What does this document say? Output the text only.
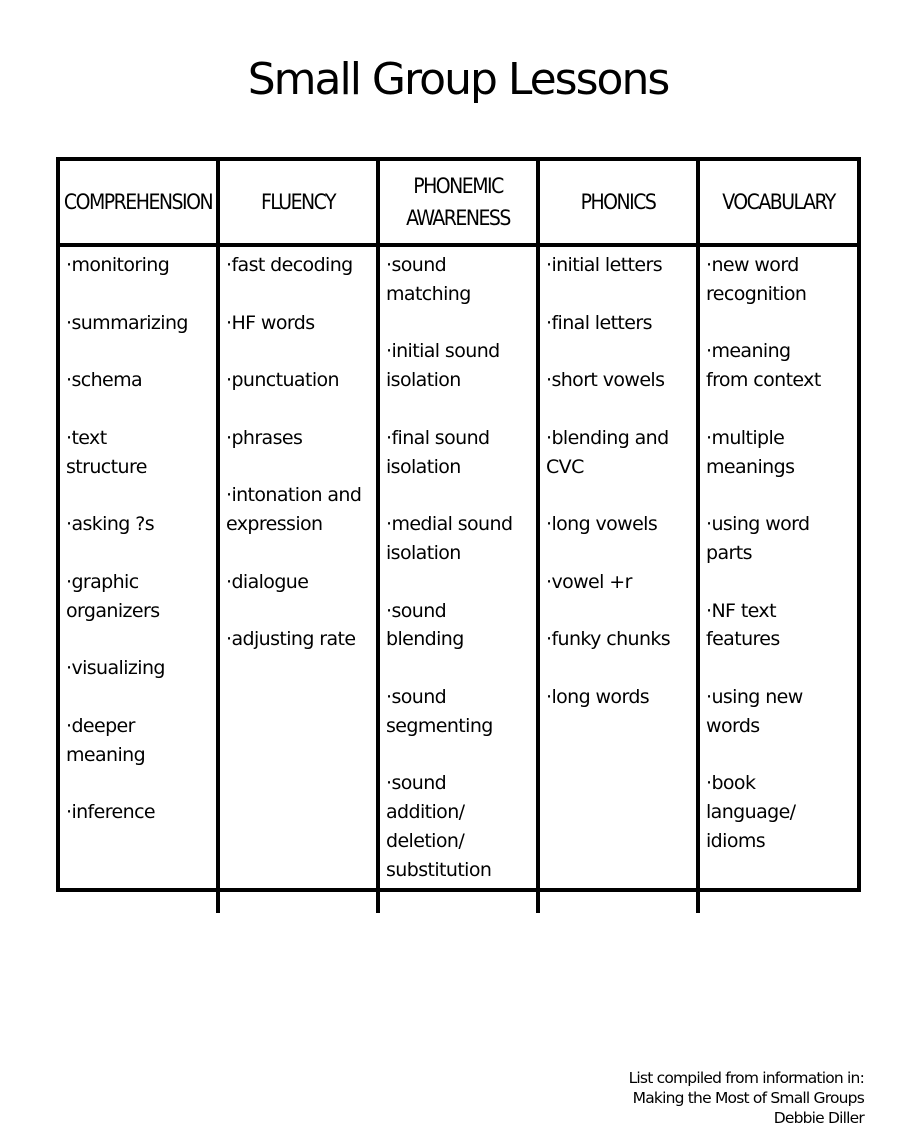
Small Group Lessons
COMPREHENSION	FLUENCY
PHONEMIC
AWARENESS
PHONICS	VOCABULARY
·monitoring
·summarizing
·schema
·text
structure
·asking ?s
·graphic
organizers
·visualizing
·deeper
meaning
·inference
·fast decoding
·HF words
·punctuation
·phrases
·intonation and
expression
·dialogue
·adjusting rate
·sound
matching
·initial sound
isolation
·final sound
isolation
·medial sound
isolation
·sound
blending
·sound
segmenting
·sound
addition/
deletion/
substitution
·initial letters
·final letters
·short vowels
·blending and
CVC
·long vowels
·vowel +r
·funky chunks
·long words
·new word
recognition
·meaning
from context
·multiple
meanings
·using word
parts
·NF text
features
·using new
words
·book
language/
idioms
List compiled from information in:
Making the Most of Small Groups
Debbie Diller
